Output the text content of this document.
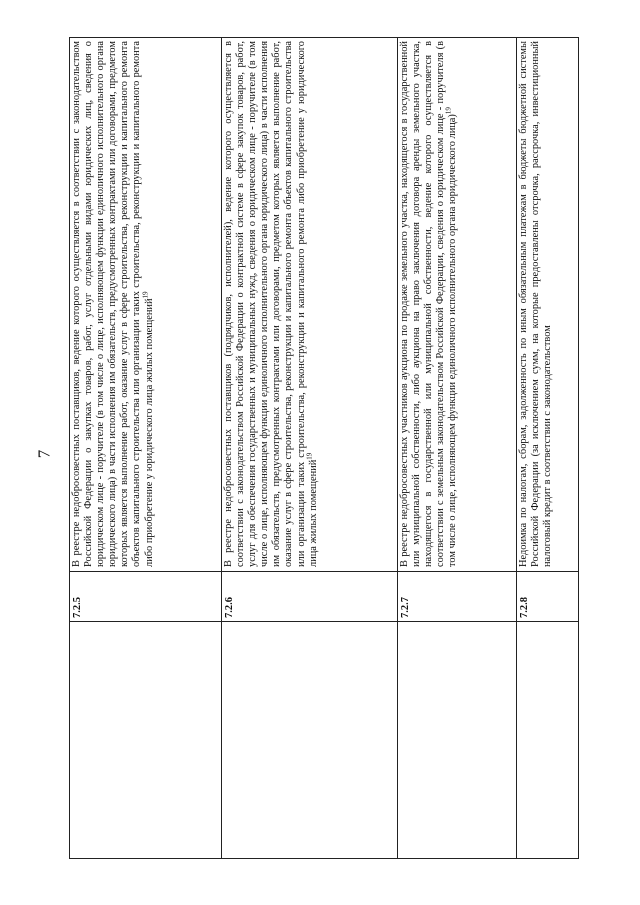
7
	7.2.5	В реестре недобросовестных поставщиков, ведение которого осуществляется в соответствии с законодательством Российской Федерации о закупках товаров, работ, услуг отдельными видами юридических лиц, сведения о юридическом лице - поручителе (в том числе о лице, исполняющем функции единоличного исполнительного органа юридического лица) в части исполнения им обязательств, предусмотренных контрактами или договорами, предметом которых является выполнение работ, оказание услуг в сфере строительства, реконструкции и капитального ремонта объектов капитального строительства или организации таких строительства, реконструкции и капитального ремонта либо приобретение у юридического лица жилых помещений$^{19}$
	7.2.6	В реестре недобросовестных поставщиков (подрядчиков, исполнителей), ведение которого осуществляется в соответствии с законодательством Российской Федерации о контрактной системе в сфере закупок товаров, работ, услуг для обеспечения государственных и муниципальных нужд, сведения о юридическом лице - поручителе (в том числе о лице, исполняющем функции единоличного исполнительного органа юридического лица) в части исполнения им обязательств, предусмотренных контрактами или договорами, предметом которых является выполнение работ, оказание услуг в сфере строительства, реконструкции и капитального ремонта объектов капитального строительства или организации таких строительства, реконструкции и капитального ремонта либо приобретение у юридического лица жилых помещений$^{19}$
	7.2.7	В реестре недобросовестных участников аукциона по продаже земельного участка, находящегося в государственной или муниципальной собственности, либо аукциона на право заключения договора аренды земельного участка, находящегося в государственной или муниципальной собственности, ведение которого осуществляется в соответствии с земельным законодательством Российской Федерации, сведения о юридическом лице - поручителя (в том числе о лице, исполняющем функции единоличного исполнительного органа юридического лица)$^{19}$
	7.2.8	Недоимка по налогам, сборам, задолженность по иным обязательным платежам в бюджеты бюджетной системы Российской Федерации (за исключением сумм, на которые предоставлены отсрочка, рассрочка, инвестиционный налоговый кредит в соответствии с законодательством
